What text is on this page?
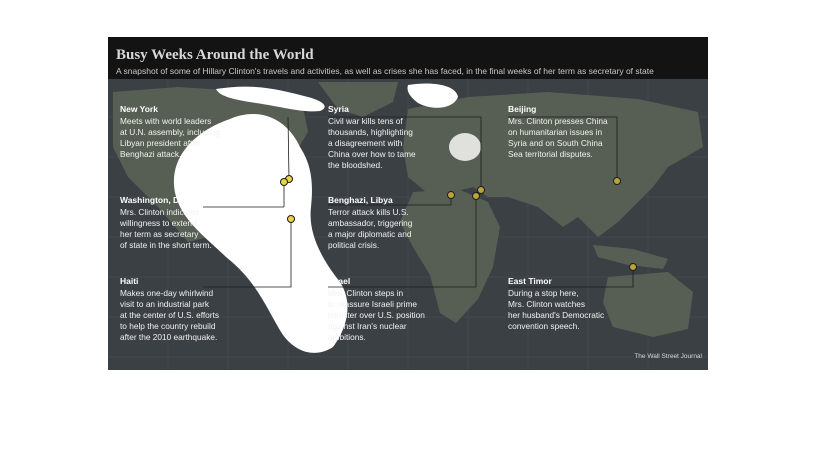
Busy Weeks Around the World
A snapshot of some of Hillary Clinton's travels and activities, as well as crises she has faced, in the final weeks of her term as secretary of state
New York
Meets with world leaders
at U.N. assembly, including
Libyan president after
Benghazi attack.
Washington, D.C.
Mrs. Clinton indicates
willingness to extend
her term as secretary
of state in the short term.
Haiti
Makes one-day whirlwind
visit to an industrial park
at the center of U.S. efforts
to help the country rebuild
after the 2010 earthquake.
Syria
Civil war kills tens of
thousands, highlighting
a disagreement with
China over how to tame
the bloodshed.
Benghazi, Libya
Terror attack kills U.S.
ambassador, triggering
a major diplomatic and
political crisis.
Israel
Mrs. Clinton steps in
to reassure Israeli prime
minister over U.S. position
against Iran's nuclear
ambitions.
Beijing
Mrs. Clinton presses China
on humanitarian issues in
Syria and on South China
Sea territorial disputes.
East Timor
During a stop here,
Mrs. Clinton watches
her husband's Democratic
convention speech.
The Wall Street Journal
